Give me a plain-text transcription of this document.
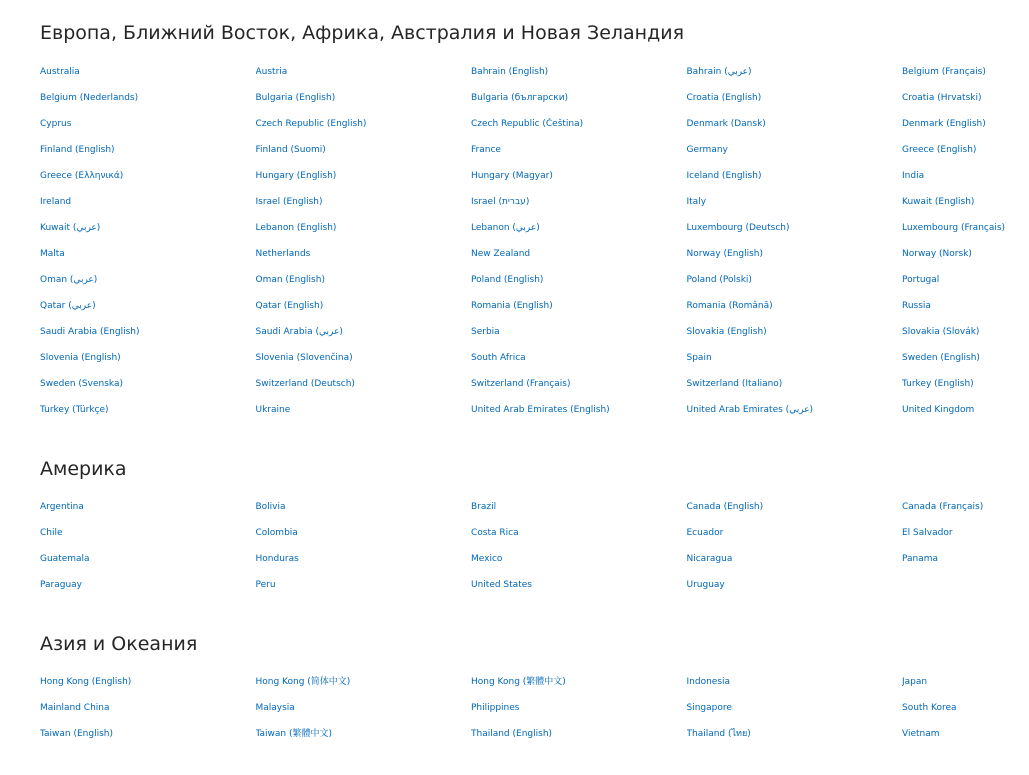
Европа, Ближний Восток, Африка, Австралия и Новая Зеландия
Australia	Austria	Bahrain (English)	Bahrain (عربي)	Belgium (Français)
Belgium (Nederlands)	Bulgaria (English)	Bulgaria (български)	Croatia (English)	Croatia (Hrvatski)
Cyprus	Czech Republic (English)	Czech Republic (Čeština)	Denmark (Dansk)	Denmark (English)
Finland (English)	Finland (Suomi)	France	Germany	Greece (English)
Greece (Ελληνικά)	Hungary (English)	Hungary (Magyar)	Iceland (English)	India
Ireland	Israel (English)	Israel (עברית)	Italy	Kuwait (English)
Kuwait (عربي)	Lebanon (English)	Lebanon (عربي)	Luxembourg (Deutsch)	Luxembourg (Français)
Malta	Netherlands	New Zealand	Norway (English)	Norway (Norsk)
Oman (عربي)	Oman (English)	Poland (English)	Poland (Polski)	Portugal
Qatar (عربي)	Qatar (English)	Romania (English)	Romania (Română)	Russia
Saudi Arabia (English)	Saudi Arabia (عربي)	Serbia	Slovakia (English)	Slovakia (Slovák)
Slovenia (English)	Slovenia (Slovenčina)	South Africa	Spain	Sweden (English)
Sweden (Svenska)	Switzerland (Deutsch)	Switzerland (Français)	Switzerland (Italiano)	Turkey (English)
Turkey (Türkçe)	Ukraine	United Arab Emirates (English)	United Arab Emirates (عربي)	United Kingdom
Америка
Argentina	Bolivia	Brazil	Canada (English)	Canada (Français)
Chile	Colombia	Costa Rica	Ecuador	El Salvador
Guatemala	Honduras	Mexico	Nicaragua	Panama
Paraguay	Peru	United States	Uruguay
Азия и Океания
Hong Kong (English)	Hong Kong (简体中文)	Hong Kong (繁體中文)	Indonesia	Japan
Mainland China	Malaysia	Philippines	Singapore	South Korea
Taiwan (English)	Taiwan (繁體中文)	Thailand (English)	Thailand (ไทย)	Vietnam
